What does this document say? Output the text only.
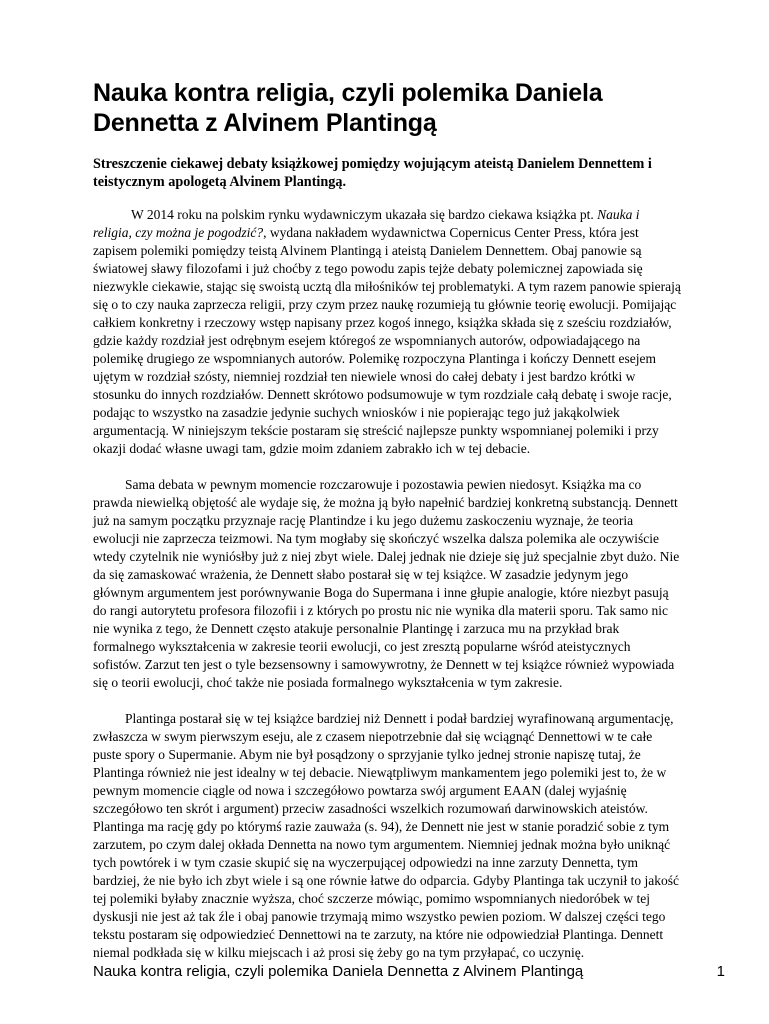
Nauka kontra religia, czyli polemika Daniela Dennetta z Alvinem Plantingą

Streszczenie ciekawej debaty książkowej pomiędzy wojującym ateistą Danielem Dennettem i teistycznym apologetą Alvinem Plantingą.

W 2014 roku na polskim rynku wydawniczym ukazała się bardzo ciekawa książka pt. Nauka i religia, czy można je pogodzić?, wydana nakładem wydawnictwa Copernicus Center Press, która jest zapisem polemiki pomiędzy teistą Alvinem Plantingą i ateistą Danielem Dennettem. Obaj panowie są światowej sławy filozofami i już choćby z tego powodu zapis tejże debaty polemicznej zapowiada się niezwykle ciekawie, stając się swoistą ucztą dla miłośników tej problematyki. A tym razem panowie spierają się o to czy nauka zaprzecza religii, przy czym przez naukę rozumieją tu głównie teorię ewolucji. Pomijając całkiem konkretny i rzeczowy wstęp napisany przez kogoś innego, książka składa się z sześciu rozdziałów, gdzie każdy rozdział jest odrębnym esejem któregoś ze wspomnianych autorów, odpowiadającego na polemikę drugiego ze wspomnianych autorów. Polemikę rozpoczyna Plantinga i kończy Dennett esejem ujętym w rozdział szósty, niemniej rozdział ten niewiele wnosi do całej debaty i jest bardzo krótki w stosunku do innych rozdziałów. Dennett skrótowo podsumowuje w tym rozdziale całą debatę i swoje racje, podając to wszystko na zasadzie jedynie suchych wniosków i nie popierając tego już jakąkolwiek argumentacją. W niniejszym tekście postaram się streścić najlepsze punkty wspomnianej polemiki i przy okazji dodać własne uwagi tam, gdzie moim zdaniem zabrakło ich w tej debacie.

Sama debata w pewnym momencie rozczarowuje i pozostawia pewien niedosyt. Książka ma co prawda niewielką objętość ale wydaje się, że można ją było napełnić bardziej konkretną substancją. Dennett już na samym początku przyznaje rację Plantindze i ku jego dużemu zaskoczeniu wyznaje, że teoria ewolucji nie zaprzecza teizmowi. Na tym mogłaby się skończyć wszelka dalsza polemika ale oczywiście wtedy czytelnik nie wyniósłby już z niej zbyt wiele. Dalej jednak nie dzieje się już specjalnie zbyt dużo. Nie da się zamaskować wrażenia, że Dennett słabo postarał się w tej książce. W zasadzie jedynym jego głównym argumentem jest porównywanie Boga do Supermana i inne głupie analogie, które niezbyt pasują do rangi autorytetu profesora filozofii i z których po prostu nic nie wynika dla materii sporu. Tak samo nic nie wynika z tego, że Dennett często atakuje personalnie Plantingę i zarzuca mu na przykład brak formalnego wykształcenia w zakresie teorii ewolucji, co jest zresztą popularne wśród ateistycznych sofistów. Zarzut ten jest o tyle bezsensowny i samowywrotny, że Dennett w tej książce również wypowiada się o teorii ewolucji, choć także nie posiada formalnego wykształcenia w tym zakresie.

Plantinga postarał się w tej książce bardziej niż Dennett i podał bardziej wyrafinowaną argumentację, zwłaszcza w swym pierwszym eseju, ale z czasem niepotrzebnie dał się wciągnąć Dennettowi w te całe puste spory o Supermanie. Abym nie był posądzony o sprzyjanie tylko jednej stronie napiszę tutaj, że Plantinga również nie jest idealny w tej debacie. Niewątpliwym mankamentem jego polemiki jest to, że w pewnym momencie ciągle od nowa i szczegółowo powtarza swój argument EAAN (dalej wyjaśnię szczegółowo ten skrót i argument) przeciw zasadności wszelkich rozumowań darwinowskich ateistów. Plantinga ma rację gdy po którymś razie zauważa (s. 94), że Dennett nie jest w stanie poradzić sobie z tym zarzutem, po czym dalej okłada Dennetta na nowo tym argumentem. Niemniej jednak można było uniknąć tych powtórek i w tym czasie skupić się na wyczerpującej odpowiedzi na inne zarzuty Dennetta, tym bardziej, że nie było ich zbyt wiele i są one równie łatwe do odparcia. Gdyby Plantinga tak uczynił to jakość tej polemiki byłaby znacznie wyższa, choć szczerze mówiąc, pomimo wspomnianych niedoróbek w tej dyskusji nie jest aż tak źle i obaj panowie trzymają mimo wszystko pewien poziom. W dalszej części tego tekstu postaram się odpowiedzieć Dennettowi na te zarzuty, na które nie odpowiedział Plantinga. Dennett niemal podkłada się w kilku miejscach i aż prosi się żeby go na tym przyłapać, co uczynię.

Nauka kontra religia, czyli polemika Daniela Dennetta z Alvinem Plantingą	1
